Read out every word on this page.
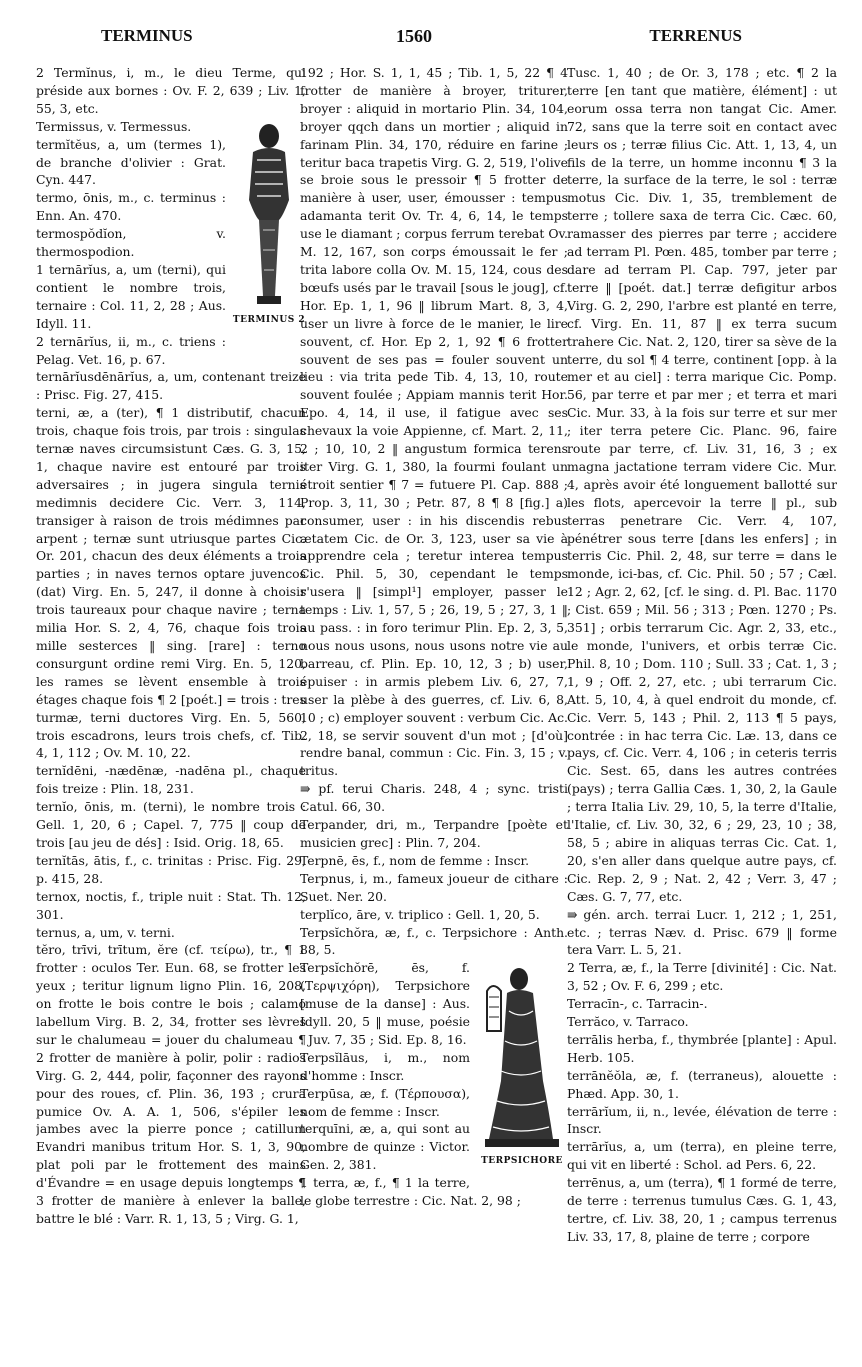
TERMINUS	1560	TERRENUS

2 Termĭnus, i, m., le dieu Terme, qui préside aux bornes : Ov. F. 2, 639 ; Liv. 1, 55, 3, etc.

TERMINUS 2

Termissus, v. Termessus.

termĭtĕus, a, um (termes 1), de branche d'olivier : Grat. Cyn. 447.

termo, ōnis, m., c. terminus : Enn. An. 470.

termospŏdĭon, v. thermospodion.

1 ternārĭus, a, um (terni), qui contient le nombre trois, ternaire : Col. 11, 2, 28 ; Aus. Idyll. 11.

2 ternārĭus, ii, m., c. triens : Pelag. Vet. 16, p. 67.

ternārĭusdēnārĭus, a, um, contenant treize : Prisc. Fig. 27, 415.

terni, æ, a (ter), ¶ 1 distributif, chacun trois, chaque fois trois, par trois : singulas ternæ naves circumsistunt Cæs. G. 3, 15, 1, chaque navire est entouré par trois adversaires ; in jugera singula ternis medimnis decidere Cic. Verr. 3, 114, transiger à raison de trois médimnes par arpent ; ternæ sunt utriusque partes Cic. Or. 201, chacun des deux éléments a trois parties ; in naves ternos optare juvencos (dat) Virg. En. 5, 247, il donne à choisir trois taureaux pour chaque navire ; terna milia Hor. S. 2, 4, 76, chaque fois trois mille sesterces ‖ sing. [rare] : terno consurgunt ordine remi Virg. En. 5, 120, les rames se lèvent ensemble à trois étages chaque fois ¶ 2 [poét.] = trois : tres turmæ, terni ductores Virg. En. 5, 560, trois escadrons, leurs trois chefs, cf. Tib. 4, 1, 112 ; Ov. M. 10, 22.

ternĭdēni, -nædēnæ, -nadēna pl., chaque fois treize : Plin. 18, 231.

ternĭo, ōnis, m. (terni), le nombre trois : Gell. 1, 20, 6 ; Capel. 7, 775 ‖ coup de trois [au jeu de dés] : Isid. Orig. 18, 65.

ternĭtās, ātis, f., c. trinitas : Prisc. Fig. 29, p. 415, 28.

ternox, noctis, f., triple nuit : Stat. Th. 12, 301.

ternus, a, um, v. terni.

tĕro, trīvi, trītum, ĕre (cf. τείρω), tr., ¶ 1 frotter : oculos Ter. Eun. 68, se frotter les yeux ; teritur lignum ligno Plin. 16, 208, on frotte le bois contre le bois ; calamo labellum Virg. B. 2, 34, frotter ses lèvres sur le chalumeau = jouer du chalumeau ¶ 2 frotter de manière à polir, polir : radios Virg. G. 2, 444, polir, façonner des rayons pour des roues, cf. Plin. 36, 193 ; crura pumice Ov. A. A. 1, 506, s'épiler les jambes avec la pierre ponce ; catillum Evandri manibus tritum Hor. S. 1, 3, 90, plat poli par le frottement des mains d'Évandre = en usage depuis longtemps ¶ 3 frotter de manière à enlever la balle, battre le blé : Varr. R. 1, 13, 5 ; Virg. G. 1,

192 ; Hor. S. 1, 1, 45 ; Tib. 1, 5, 22 ¶ 4 frotter de manière à broyer, triturer, broyer : aliquid in mortario Plin. 34, 104, broyer qqch dans un mortier ; aliquid in farinam Plin. 34, 170, réduire en farine ; teritur baca trapetis Virg. G. 2, 519, l'olive se broie sous le pressoir ¶ 5 frotter de manière à user, user, émousser : tempus adamanta terit Ov. Tr. 4, 6, 14, le temps use le diamant ; corpus ferrum terebat Ov. M. 12, 167, son corps émoussait le fer ; trita labore colla Ov. M. 15, 124, cous des bœufs usés par le travail [sous le joug], cf. Hor. Ep. 1, 1, 96 ‖ librum Mart. 8, 3, 4, user un livre à force de le manier, le lire souvent, cf. Hor. Ep 2, 1, 92 ¶ 6 frotter souvent de ses pas = fouler souvent un lieu : via trita pede Tib. 4, 13, 10, route souvent foulée ; Appiam mannis terit Hor. Epo. 4, 14, il use, il fatigue avec ses chevaux la voie Appienne, cf. Mart. 2, 11, 2 ; 10, 10, 2 ‖ angustum formica terens iter Virg. G. 1, 380, la fourmi foulant un étroit sentier ¶ 7 = futuere Pl. Cap. 888 ; Prop. 3, 11, 30 ; Petr. 87, 8 ¶ 8 [fig.] a) consumer, user : in his discendis rebus ætatem Cic. de Or. 3, 123, user sa vie à apprendre cela ; teretur interea tempus Cic. Phil. 5, 30, cependant le temps s'usera ‖ [simpl¹] employer, passer le temps : Liv. 1, 57, 5 ; 26, 19, 5 ; 27, 3, 1 ‖ au pass. : in foro terimur Plin. Ep. 2, 3, 5, nous nous usons, nous usons notre vie au barreau, cf. Plin. Ep. 10, 12, 3 ; b) user, épuiser : in armis plebem Liv. 6, 27, 7, user la plèbe à des guerres, cf. Liv. 6, 8, 10 ; c) employer souvent : verbum Cic. Ac. 2, 18, se servir souvent d'un mot ; [d'où] rendre banal, commun : Cic. Fin. 3, 15 ; v. tritus.

⇛ pf. terui Charis. 248, 4 ; sync. tristi Catul. 66, 30.

Terpander, dri, m., Terpandre [poète et musicien grec] : Plin. 7, 204.

Terpnē, ēs, f., nom de femme : Inscr.

Terpnus, i, m., fameux joueur de cithare : Suet. Ner. 20.

terplĭco, āre, v. triplico : Gell. 1, 20, 5.

Terpsĭchŏra, æ, f., c. Terpsichore : Anth. 88, 5.

TERPSICHORE

Terpsĭchŏrē, ēs, f. (Τερψιχόρη), Terpsichore [muse de la danse] : Aus. Idyll. 20, 5 ‖ muse, poésie : Juv. 7, 35 ; Sid. Ep. 8, 16.

Terpsĭlāus, i, m., nom d'homme : Inscr.

Terpūsa, æ, f. (Τέρπουσα), nom de femme : Inscr.

terquīni, æ, a, qui sont au nombre de quinze : Victor. Gen. 2, 381.

1 terra, æ, f., ¶ 1 la terre, le globe terrestre : Cic. Nat. 2, 98 ;

Tusc. 1, 40 ; de Or. 3, 178 ; etc. ¶ 2 la terre [en tant que matière, élément] : ut eorum ossa terra non tangat Cic. Amer. 72, sans que la terre soit en contact avec leurs os ; terræ filius Cic. Att. 1, 13, 4, un fils de la terre, un homme inconnu ¶ 3 la terre, la surface de la terre, le sol : terræ motus Cic. Div. 1, 35, tremblement de terre ; tollere saxa de terra Cic. Cæc. 60, ramasser des pierres par terre ; accidere ad terram Pl. Pœn. 485, tomber par terre ; dare ad terram Pl. Cap. 797, jeter par terre ‖ [poét. dat.] terræ defigitur arbos Virg. G. 2, 290, l'arbre est planté en terre, cf. Virg. En. 11, 87 ‖ ex terra sucum trahere Cic. Nat. 2, 120, tirer sa sève de la terre, du sol ¶ 4 terre, continent [opp. à la mer et au ciel] : terra marique Cic. Pomp. 56, par terre et par mer ; et terra et mari Cic. Mur. 33, à la fois sur terre et sur mer ; iter terra petere Cic. Planc. 96, faire route par terre, cf. Liv. 31, 16, 3 ; ex magna jactatione terram videre Cic. Mur. 4, après avoir été longuement ballotté sur les flots, apercevoir la terre ‖ pl., sub terras penetrare Cic. Verr. 4, 107, pénétrer sous terre [dans les enfers] ; in terris Cic. Phil. 2, 48, sur terre = dans le monde, ici-bas, cf. Cic. Phil. 50 ; 57 ; Cæl. 12 ; Agr. 2, 62, [cf. le sing. d. Pl. Bac. 1170 ; Cist. 659 ; Mil. 56 ; 313 ; Pœn. 1270 ; Ps. 351] ; orbis terrarum Cic. Agr. 2, 33, etc., le monde, l'univers, et orbis terræ Cic. Phil. 8, 10 ; Dom. 110 ; Sull. 33 ; Cat. 1, 3 ; 1, 9 ; Off. 2, 27, etc. ; ubi terrarum Cic. Att. 5, 10, 4, à quel endroit du monde, cf. Cic. Verr. 5, 143 ; Phil. 2, 113 ¶ 5 pays, contrée : in hac terra Cic. Læ. 13, dans ce pays, cf. Cic. Verr. 4, 106 ; in ceteris terris Cic. Sest. 65, dans les autres contrées (pays) ; terra Gallia Cæs. 1, 30, 2, la Gaule ; terra Italia Liv. 29, 10, 5, la terre d'Italie, l'Italie, cf. Liv. 30, 32, 6 ; 29, 23, 10 ; 38, 58, 5 ; abire in aliquas terras Cic. Cat. 1, 20, s'en aller dans quelque autre pays, cf. Cic. Rep. 2, 9 ; Nat. 2, 42 ; Verr. 3, 47 ; Cæs. G. 7, 77, etc.

⇛ gén. arch. terrai Lucr. 1, 212 ; 1, 251, etc. ; terras Næv. d. Prisc. 679 ‖ forme tera Varr. L. 5, 21.

2 Terra, æ, f., la Terre [divinité] : Cic. Nat. 3, 52 ; Ov. F. 6, 299 ; etc.

Terracīn-, c. Tarracin-.

Terrăco, v. Tarraco.

terrālis herba, f., thymbrée [plante] : Apul. Herb. 105.

terrānĕŏla, æ, f. (terraneus), alouette : Phæd. App. 30, 1.

terrārĭum, ii, n., levée, élévation de terre : Inscr.

terrārĭus, a, um (terra), en pleine terre, qui vit en liberté : Schol. ad Pers. 6, 22.

terrēnus, a, um (terra), ¶ 1 formé de terre, de terre : terrenus tumulus Cæs. G. 1, 43, tertre, cf. Liv. 38, 20, 1 ; campus terrenus Liv. 33, 17, 8, plaine de terre ; corpore
